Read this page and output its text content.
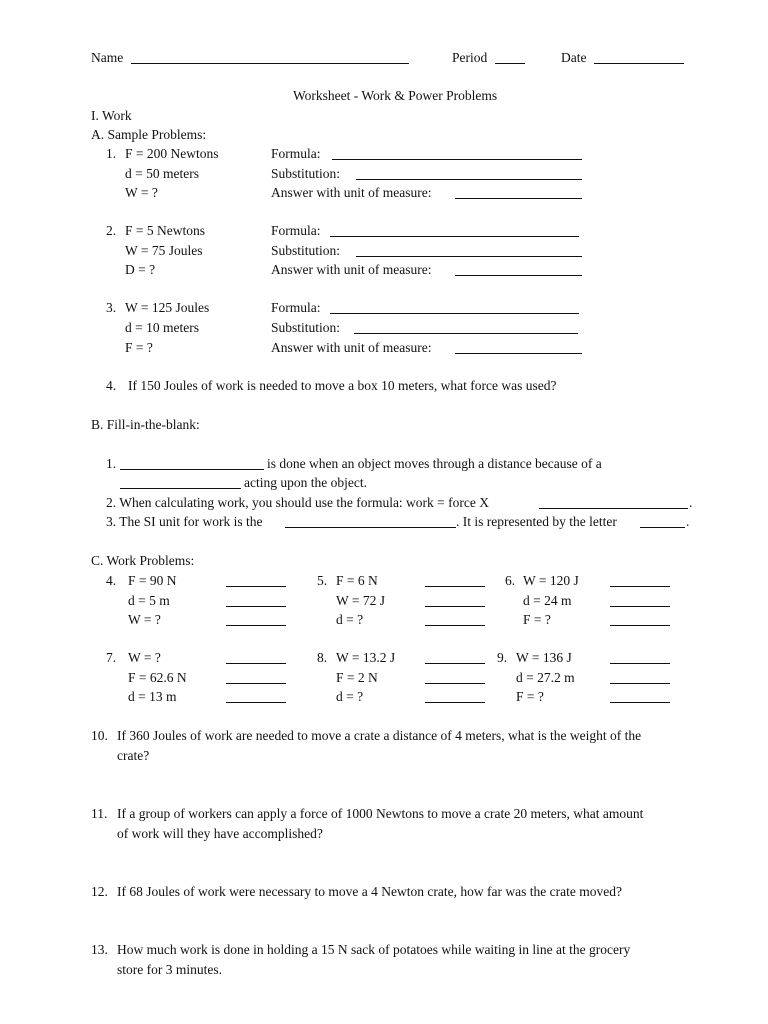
Name	Period	Date
Worksheet - Work & Power Problems
I. Work
A. Sample Problems:
1. F = 200 Newtons
d = 50 meters
W = ?
Formula:
Substitution:
Answer with unit of measure:
2. F = 5 Newtons
W = 75 Joules
D = ?
Formula:
Substitution:
Answer with unit of measure:
3. W = 125 Joules
d = 10 meters
F = ?
Formula:
Substitution:
Answer with unit of measure:
4. If 150 Joules of work is needed to move a box 10 meters, what force was used?
B. Fill-in-the-blank:
1.	is done when an object moves through a distance because of a
acting upon the object.
2. When calculating work, you should use the formula: work = force X	.
3. The SI unit for work is the	. It is represented by the letter	.
C. Work Problems:
4. F = 90 N
d = 5 m
W = ?
5. F = 6 N
W = 72 J
d = ?
6. W = 120 J
d = 24 m
F = ?
7. W = ?
F = 62.6 N
d = 13 m
8. W = 13.2 J
F = 2 N
d = ?
9. W = 136 J
d = 27.2 m
F = ?
10. If 360 Joules of work are needed to move a crate a distance of 4 meters, what is the weight of the
crate?
11. If a group of workers can apply a force of 1000 Newtons to move a crate 20 meters, what amount
of work will they have accomplished?
12. If 68 Joules of work were necessary to move a 4 Newton crate, how far was the crate moved?
13. How much work is done in holding a 15 N sack of potatoes while waiting in line at the grocery
store for 3 minutes.
